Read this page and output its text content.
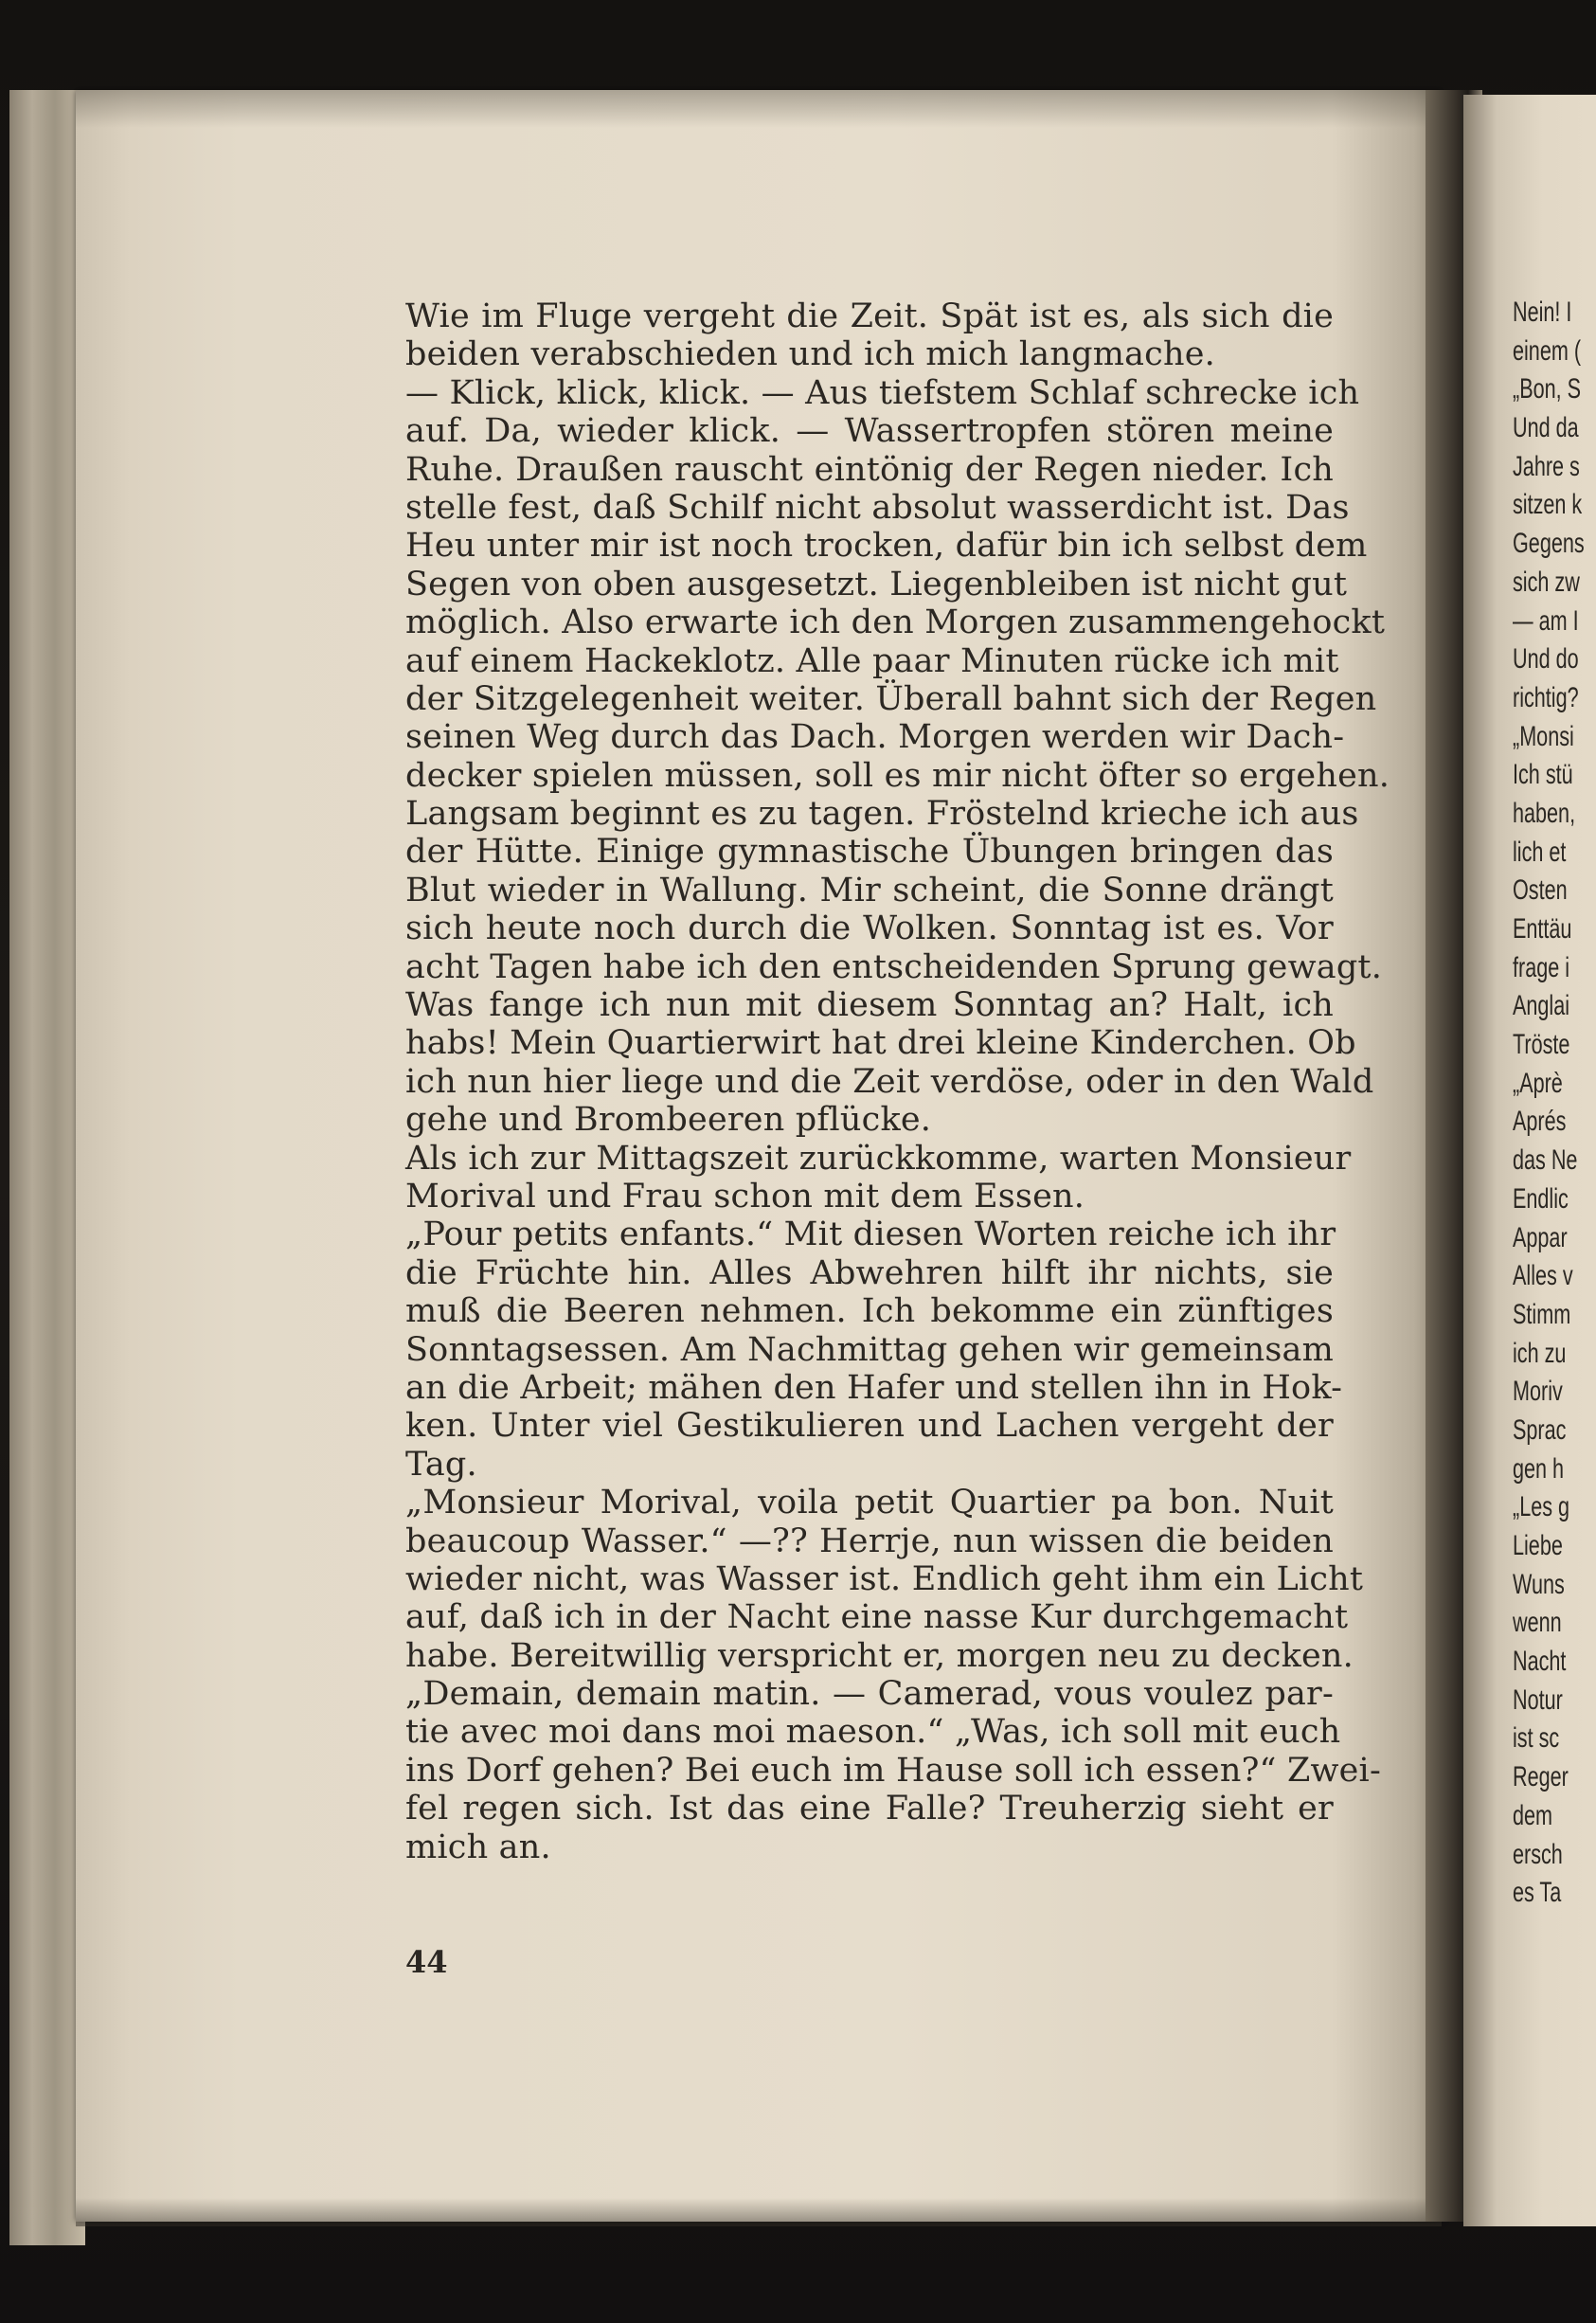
Wie im Fluge vergeht die Zeit. Spät ist es, als sich die
beiden verabschieden und ich mich langmache.
— Klick, klick, klick. — Aus tiefstem Schlaf schrecke ich
auf. Da, wieder klick. — Wassertropfen stören meine
Ruhe. Draußen rauscht eintönig der Regen nieder. Ich
stelle fest, daß Schilf nicht absolut wasserdicht ist. Das
Heu unter mir ist noch trocken, dafür bin ich selbst dem
Segen von oben ausgesetzt. Liegenbleiben ist nicht gut
möglich. Also erwarte ich den Morgen zusammengehockt
auf einem Hackeklotz. Alle paar Minuten rücke ich mit
der Sitzgelegenheit weiter. Überall bahnt sich der Regen
seinen Weg durch das Dach. Morgen werden wir Dach-
decker spielen müssen, soll es mir nicht öfter so ergehen.
Langsam beginnt es zu tagen. Fröstelnd krieche ich aus
der Hütte. Einige gymnastische Übungen bringen das
Blut wieder in Wallung. Mir scheint, die Sonne drängt
sich heute noch durch die Wolken. Sonntag ist es. Vor
acht Tagen habe ich den entscheidenden Sprung gewagt.
Was fange ich nun mit diesem Sonntag an? Halt, ich
habs! Mein Quartierwirt hat drei kleine Kinderchen. Ob
ich nun hier liege und die Zeit verdöse, oder in den Wald
gehe und Brombeeren pflücke.
Als ich zur Mittagszeit zurückkomme, warten Monsieur
Morival und Frau schon mit dem Essen.
„Pour petits enfants.“ Mit diesen Worten reiche ich ihr
die Früchte hin. Alles Abwehren hilft ihr nichts, sie
muß die Beeren nehmen. Ich bekomme ein zünftiges
Sonntagsessen. Am Nachmittag gehen wir gemeinsam
an die Arbeit; mähen den Hafer und stellen ihn in Hok-
ken. Unter viel Gestikulieren und Lachen vergeht der
Tag.
„Monsieur Morival, voila petit Quartier pa bon. Nuit
beaucoup Wasser.“ —?? Herrje, nun wissen die beiden
wieder nicht, was Wasser ist. Endlich geht ihm ein Licht
auf, daß ich in der Nacht eine nasse Kur durchgemacht
habe. Bereitwillig verspricht er, morgen neu zu decken.
„Demain, demain matin. — Camerad, vous voulez par-
tie avec moi dans moi maeson.“ „Was, ich soll mit euch
ins Dorf gehen? Bei euch im Hause soll ich essen?“ Zwei-
fel regen sich. Ist das eine Falle? Treuherzig sieht er
mich an.
44
Nein! I
einem (
„Bon, S
Und da
Jahre s
sitzen k
Gegens
sich zw
— am I
Und do
richtig?
„Monsi
Ich stü
haben,
lich et
Osten
Enttäu
frage i
Anglai
Tröste
„Aprè
Aprés
das Ne
Endlic
Appar
Alles v
Stimm
ich zu
Moriv
Sprac
gen h
„Les g
Liebe
Wuns
wenn
Nacht
Notur
ist sc
Reger
dem
ersch
es Ta
